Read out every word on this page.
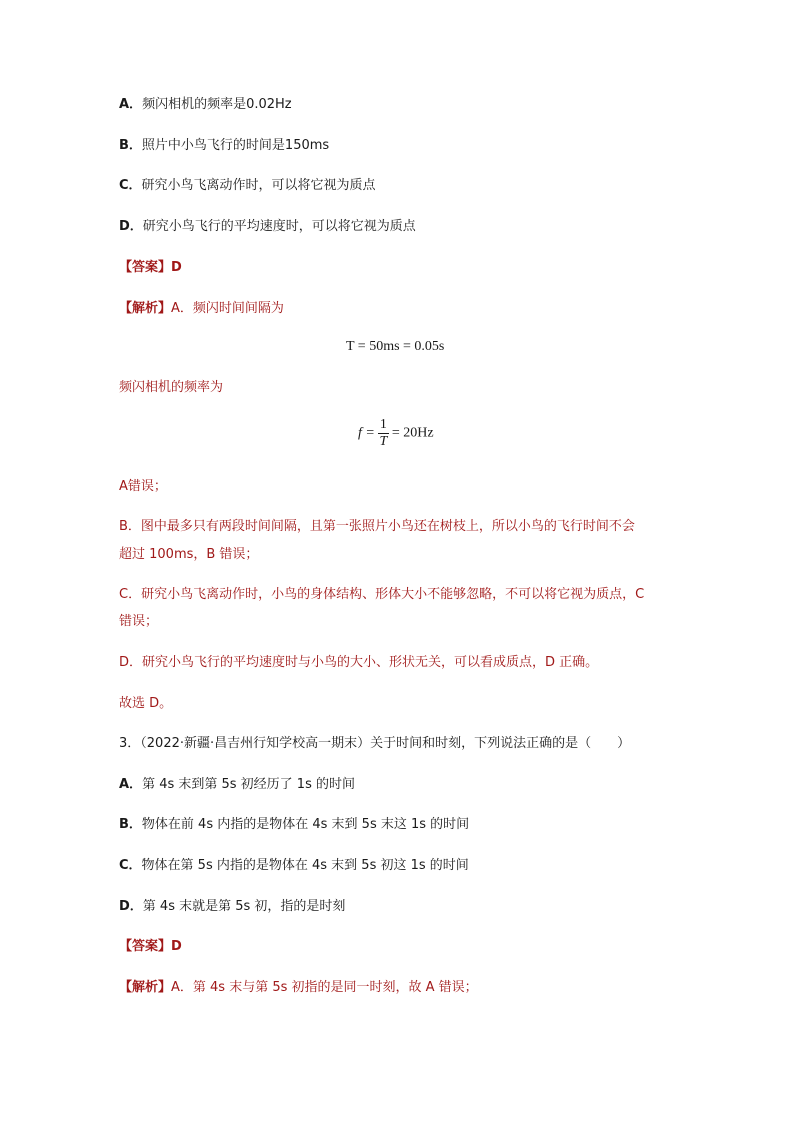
A．频闪相机的频率是0.02Hz
B．照片中小鸟飞行的时间是150ms
C．研究小鸟飞离动作时，可以将它视为质点
D．研究小鸟飞行的平均速度时，可以将它视为质点
【答案】D
【解析】A．频闪时间间隔为
T = 50ms = 0.05s
频闪相机的频率为
$f = \frac{1}{T} = 20Hz$
A错误；
B．图中最多只有两段时间间隔，且第一张照片小鸟还在树枝上，所以小鸟的飞行时间不会
超过 100ms，B 错误；
C．研究小鸟飞离动作时，小鸟的身体结构、形体大小不能够忽略，不可以将它视为质点，C
错误；
D．研究小鸟飞行的平均速度时与小鸟的大小、形状无关，可以看成质点，D 正确。
故选 D。
3．（2022·新疆·昌吉州行知学校高一期末）关于时间和时刻，下列说法正确的是（　　）
A．第 4s 末到第 5s 初经历了 1s 的时间
B．物体在前 4s 内指的是物体在 4s 末到 5s 末这 1s 的时间
C．物体在第 5s 内指的是物体在 4s 末到 5s 初这 1s 的时间
D．第 4s 末就是第 5s 初，指的是时刻
【答案】D
【解析】A．第 4s 末与第 5s 初指的是同一时刻，故 A 错误；
